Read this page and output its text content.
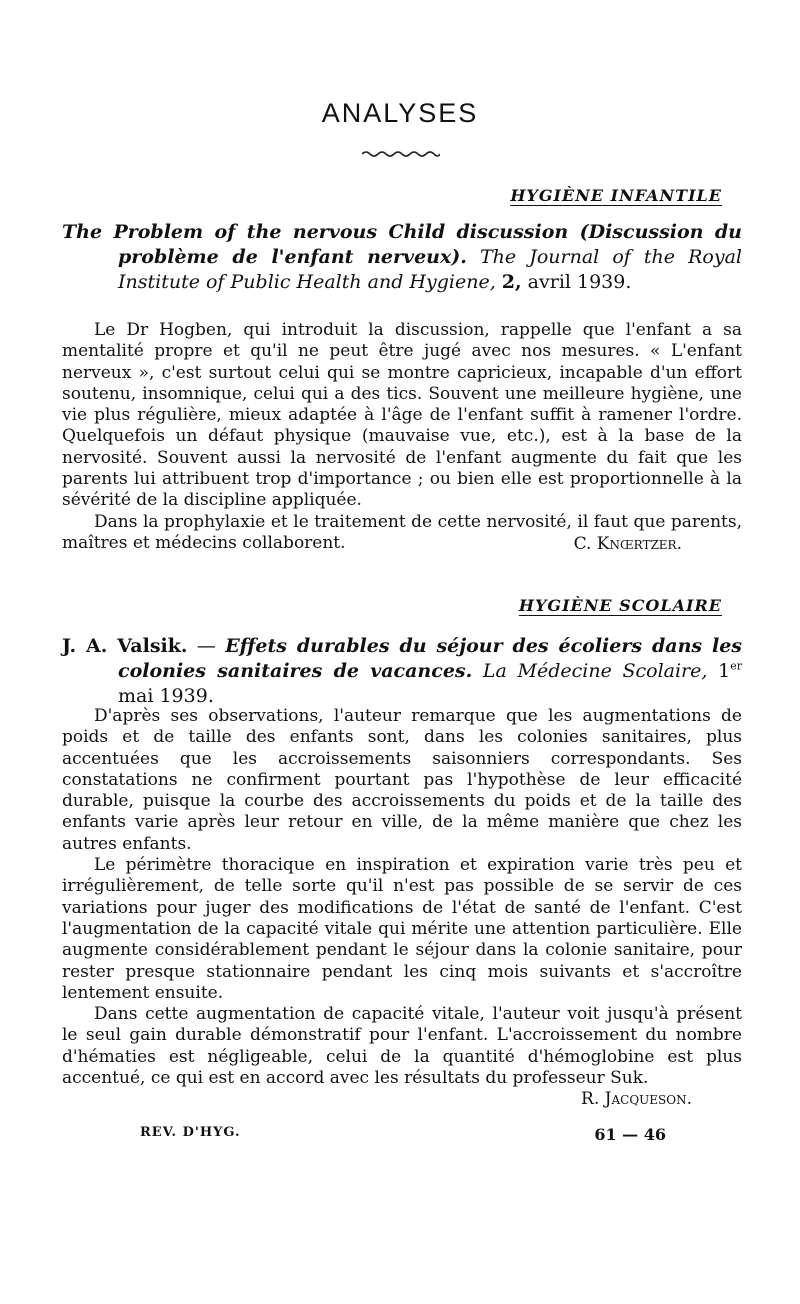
ANALYSES
HYGIÈNE INFANTILE

The Problem of the nervous Child discussion (Discussion du problème de l'enfant nerveux). The Journal of the Royal Institute of Public Health and Hygiene, 2, avril 1939.

Le Dr Hogben, qui introduit la discussion, rappelle que l'enfant a sa mentalité propre et qu'il ne peut être jugé avec nos mesures. « L'enfant nerveux », c'est surtout celui qui se montre capricieux, incapable d'un effort soutenu, insomnique, celui qui a des tics. Souvent une meilleure hygiène, une vie plus régulière, mieux adaptée à l'âge de l'enfant suffit à ramener l'ordre. Quelquefois un défaut physique (mauvaise vue, etc.), est à la base de la nervosité. Souvent aussi la nervosité de l'enfant augmente du fait que les parents lui attribuent trop d'importance ; ou bien elle est proportionnelle à la sévérité de la discipline appliquée.

Dans la prophylaxie et le traitement de cette nervosité, il faut que parents, maîtres et médecins collaborent.	C. Knœrtzer.
HYGIÈNE SCOLAIRE

J. A. Valsik. — Effets durables du séjour des écoliers dans les colonies sanitaires de vacances. La Médecine Scolaire, 1er mai 1939.

D'après ses observations, l'auteur remarque que les augmentations de poids et de taille des enfants sont, dans les colonies sanitaires, plus accentuées que les accroissements saisonniers correspondants. Ses constatations ne confirment pourtant pas l'hypothèse de leur efficacité durable, puisque la courbe des accroissements du poids et de la taille des enfants varie après leur retour en ville, de la même manière que chez les autres enfants.

Le périmètre thoracique en inspiration et expiration varie très peu et irrégulièrement, de telle sorte qu'il n'est pas possible de se servir de ces variations pour juger des modifications de l'état de santé de l'enfant. C'est l'augmentation de la capacité vitale qui mérite une attention particulière. Elle augmente considérablement pendant le séjour dans la colonie sanitaire, pour rester presque stationnaire pendant les cinq mois suivants et s'accroître lentement ensuite.

Dans cette augmentation de capacité vitale, l'auteur voit jusqu'à présent le seul gain durable démonstratif pour l'enfant. L'accroissement du nombre d'hématies est négligeable, celui de la quantité d'hémoglobine est plus accentué, ce qui est en accord avec les résultats du professeur Suk.

R. Jacqueson.
REV. D'HYG.	61 — 46
